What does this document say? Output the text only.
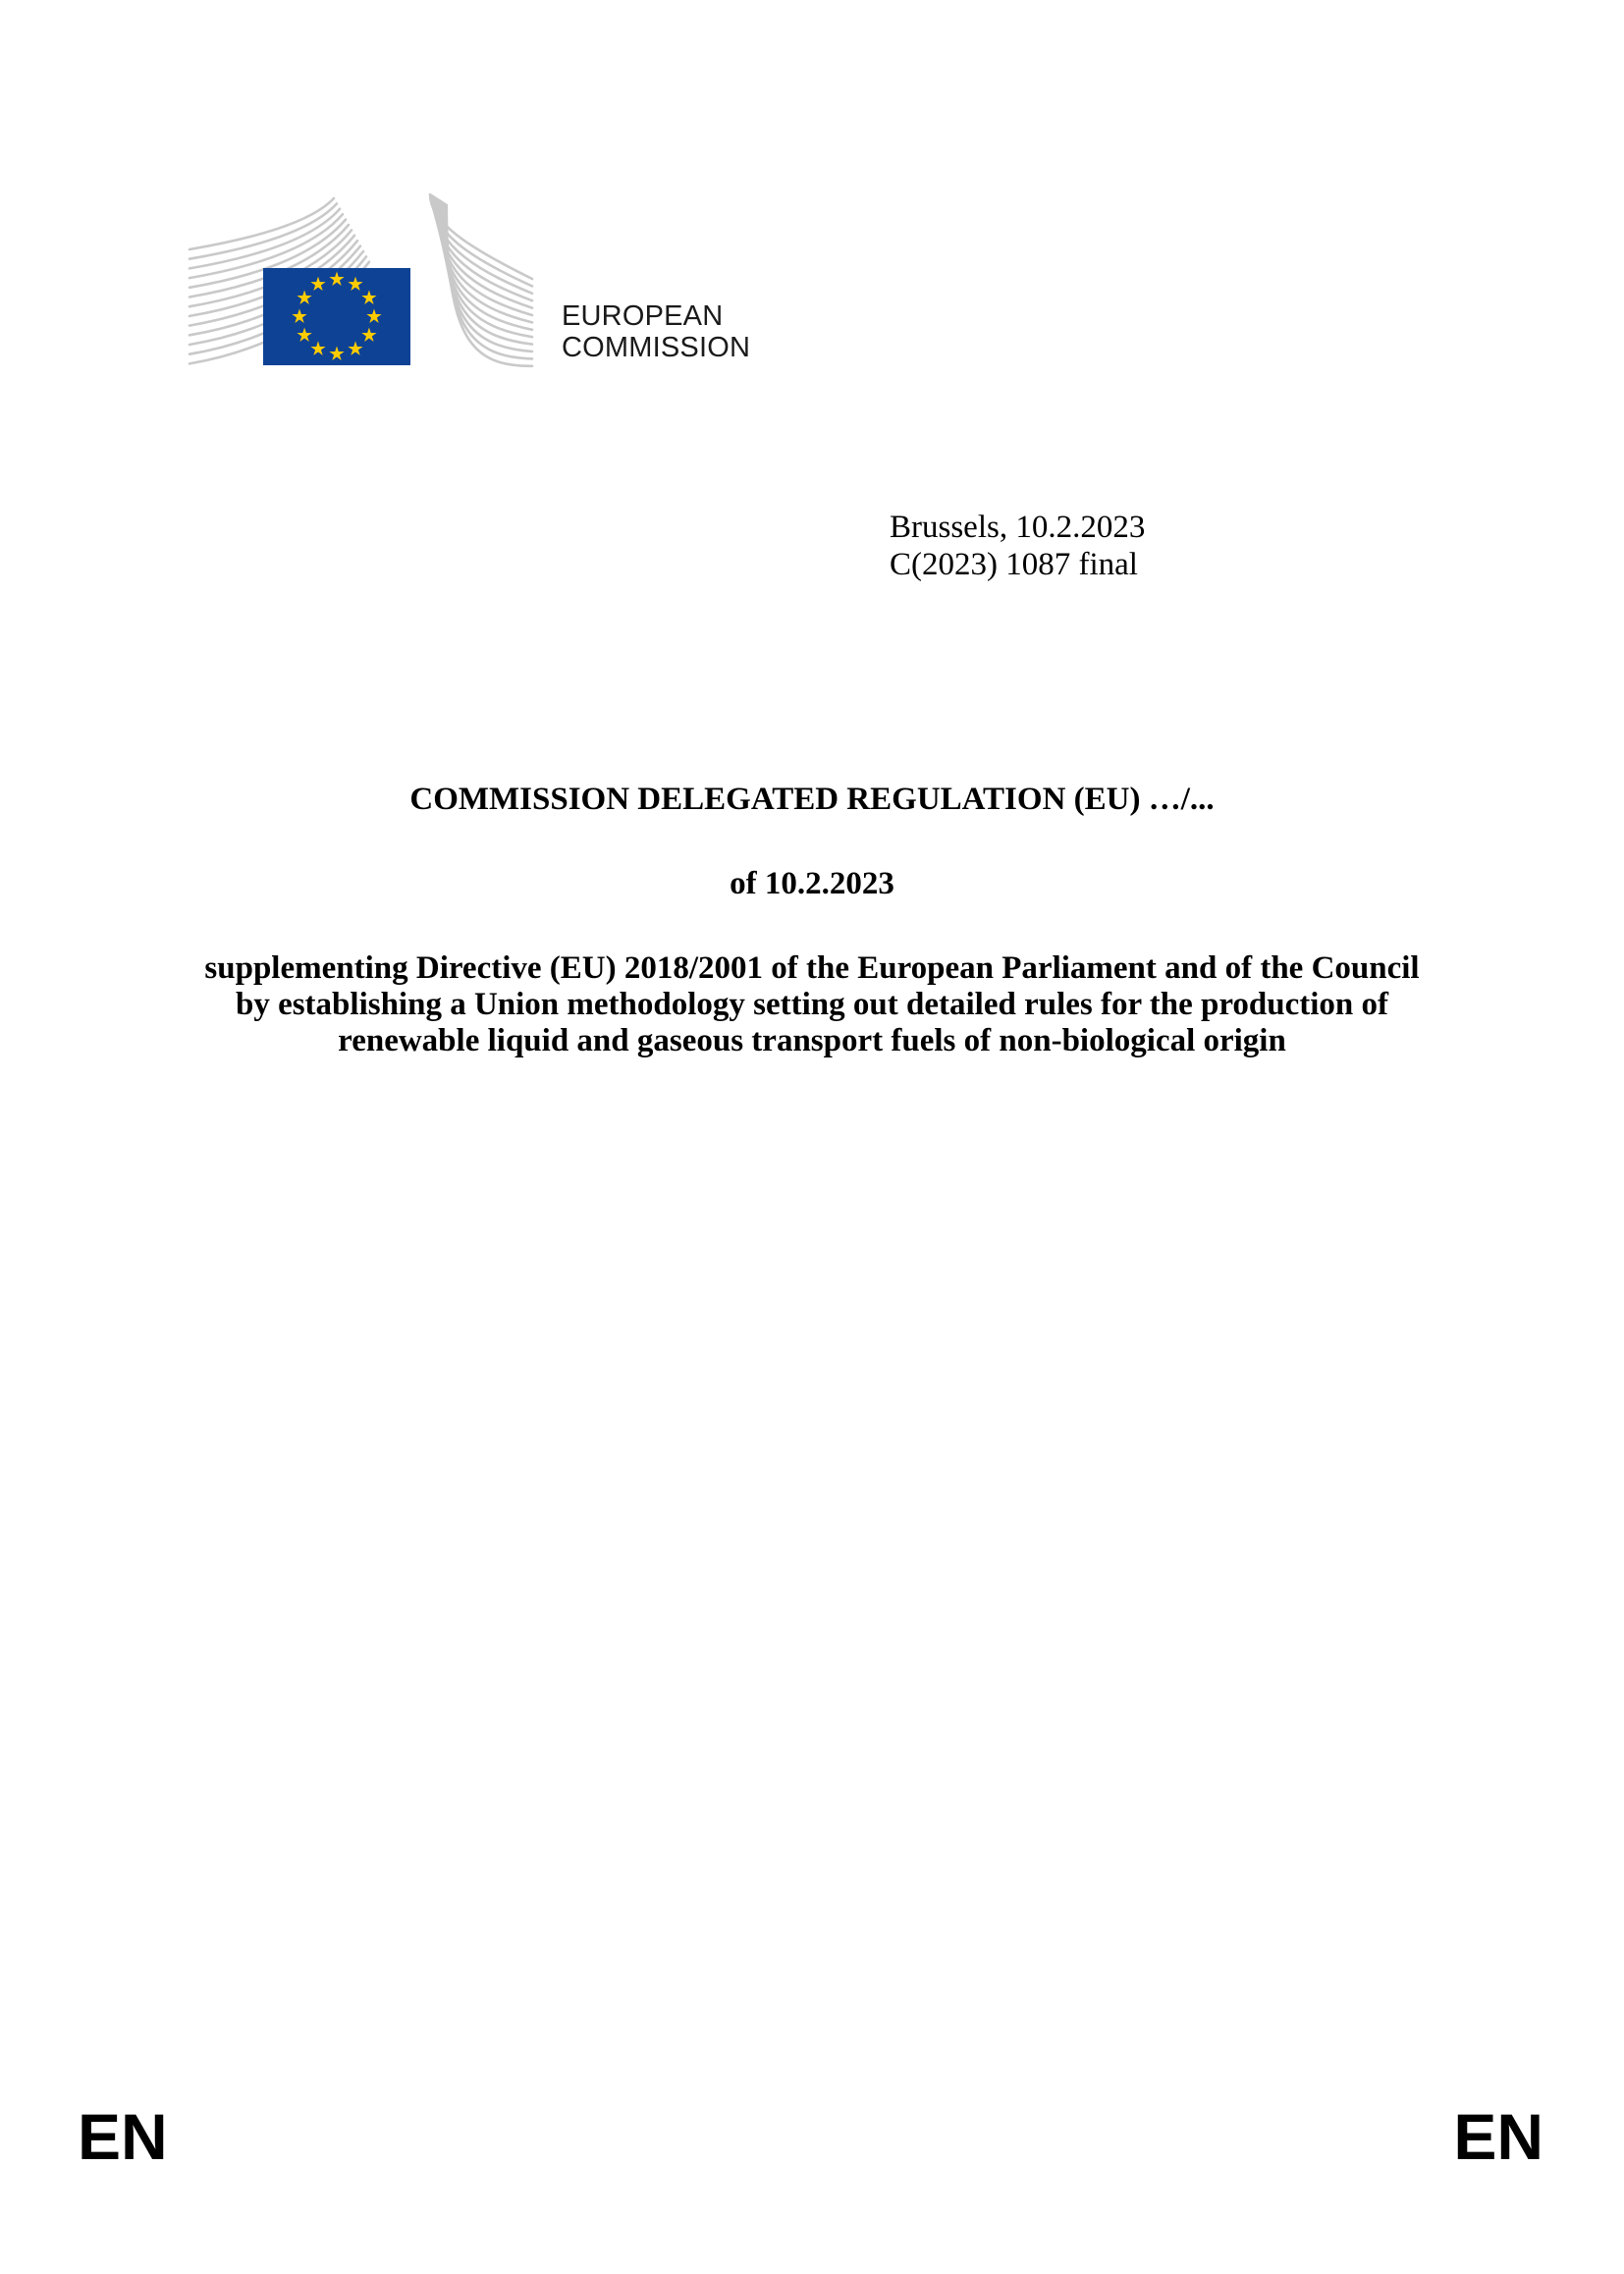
EUROPEAN
COMMISSION
Brussels, 10.2.2023
C(2023) 1087 final
COMMISSION DELEGATED REGULATION (EU) …/...

of 10.2.2023

supplementing Directive (EU) 2018/2001 of the European Parliament and of the Council
by establishing a Union methodology setting out detailed rules for the production of
renewable liquid and gaseous transport fuels of non-biological origin

EN	EN
